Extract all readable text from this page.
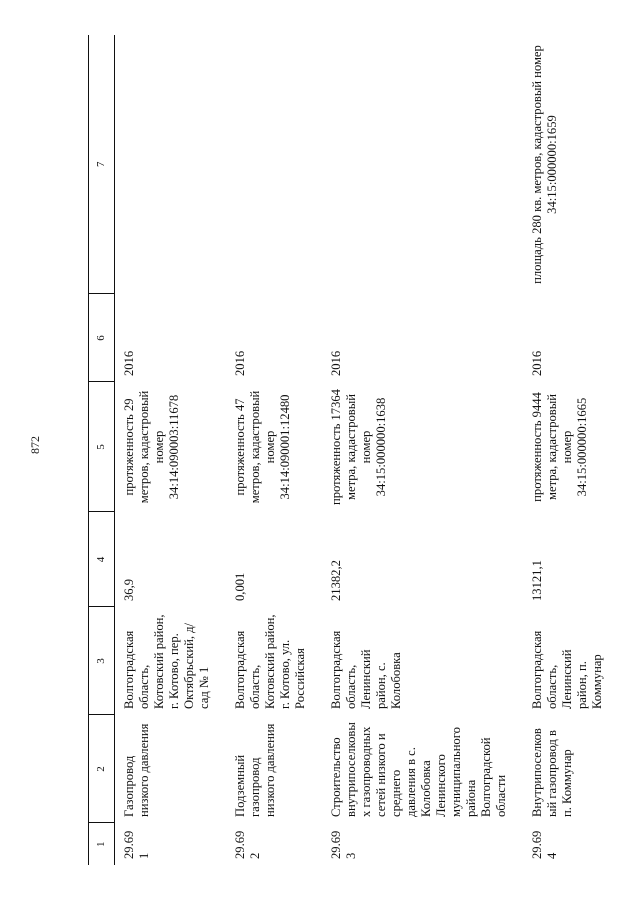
872
1	2	3	4	5	6	7
29.691	Газопровод низкого давления	Волгоградская область, Котовский район, г. Котово, пер. Октябрьский, д/сад № 1	36,9	протяженность 29 метров, кадастровый номер 34:14:090003:11678	2016	
29.692	Подземный газопровод низкого давления	Волгоградская область, Котовский район, г. Котово, ул. Российская	0,001	протяженность 47 метров, кадастровый номер 34:14:090001:12480	2016	
29.693	Строительство внутрипоселковых газопроводных сетей низкого и среднего давления в с. Колобовка Ленинского муниципального района Волгоградской области	Волгоградская область, Ленинский район, с. Колобовка	21382,2	протяженность 17364 метра, кадастровый номер 34:15:000000:1638	2016	
29.694	Внутрипоселковый газопровод в п. Коммунар	Волгоградская область, Ленинский район, п. Коммунар	13121,1	протяженность 9444 метра, кадастровый номер 34:15:000000:1665	2016	площадь 280 кв. метров, кадастровый номер 34:15:000000:1659
